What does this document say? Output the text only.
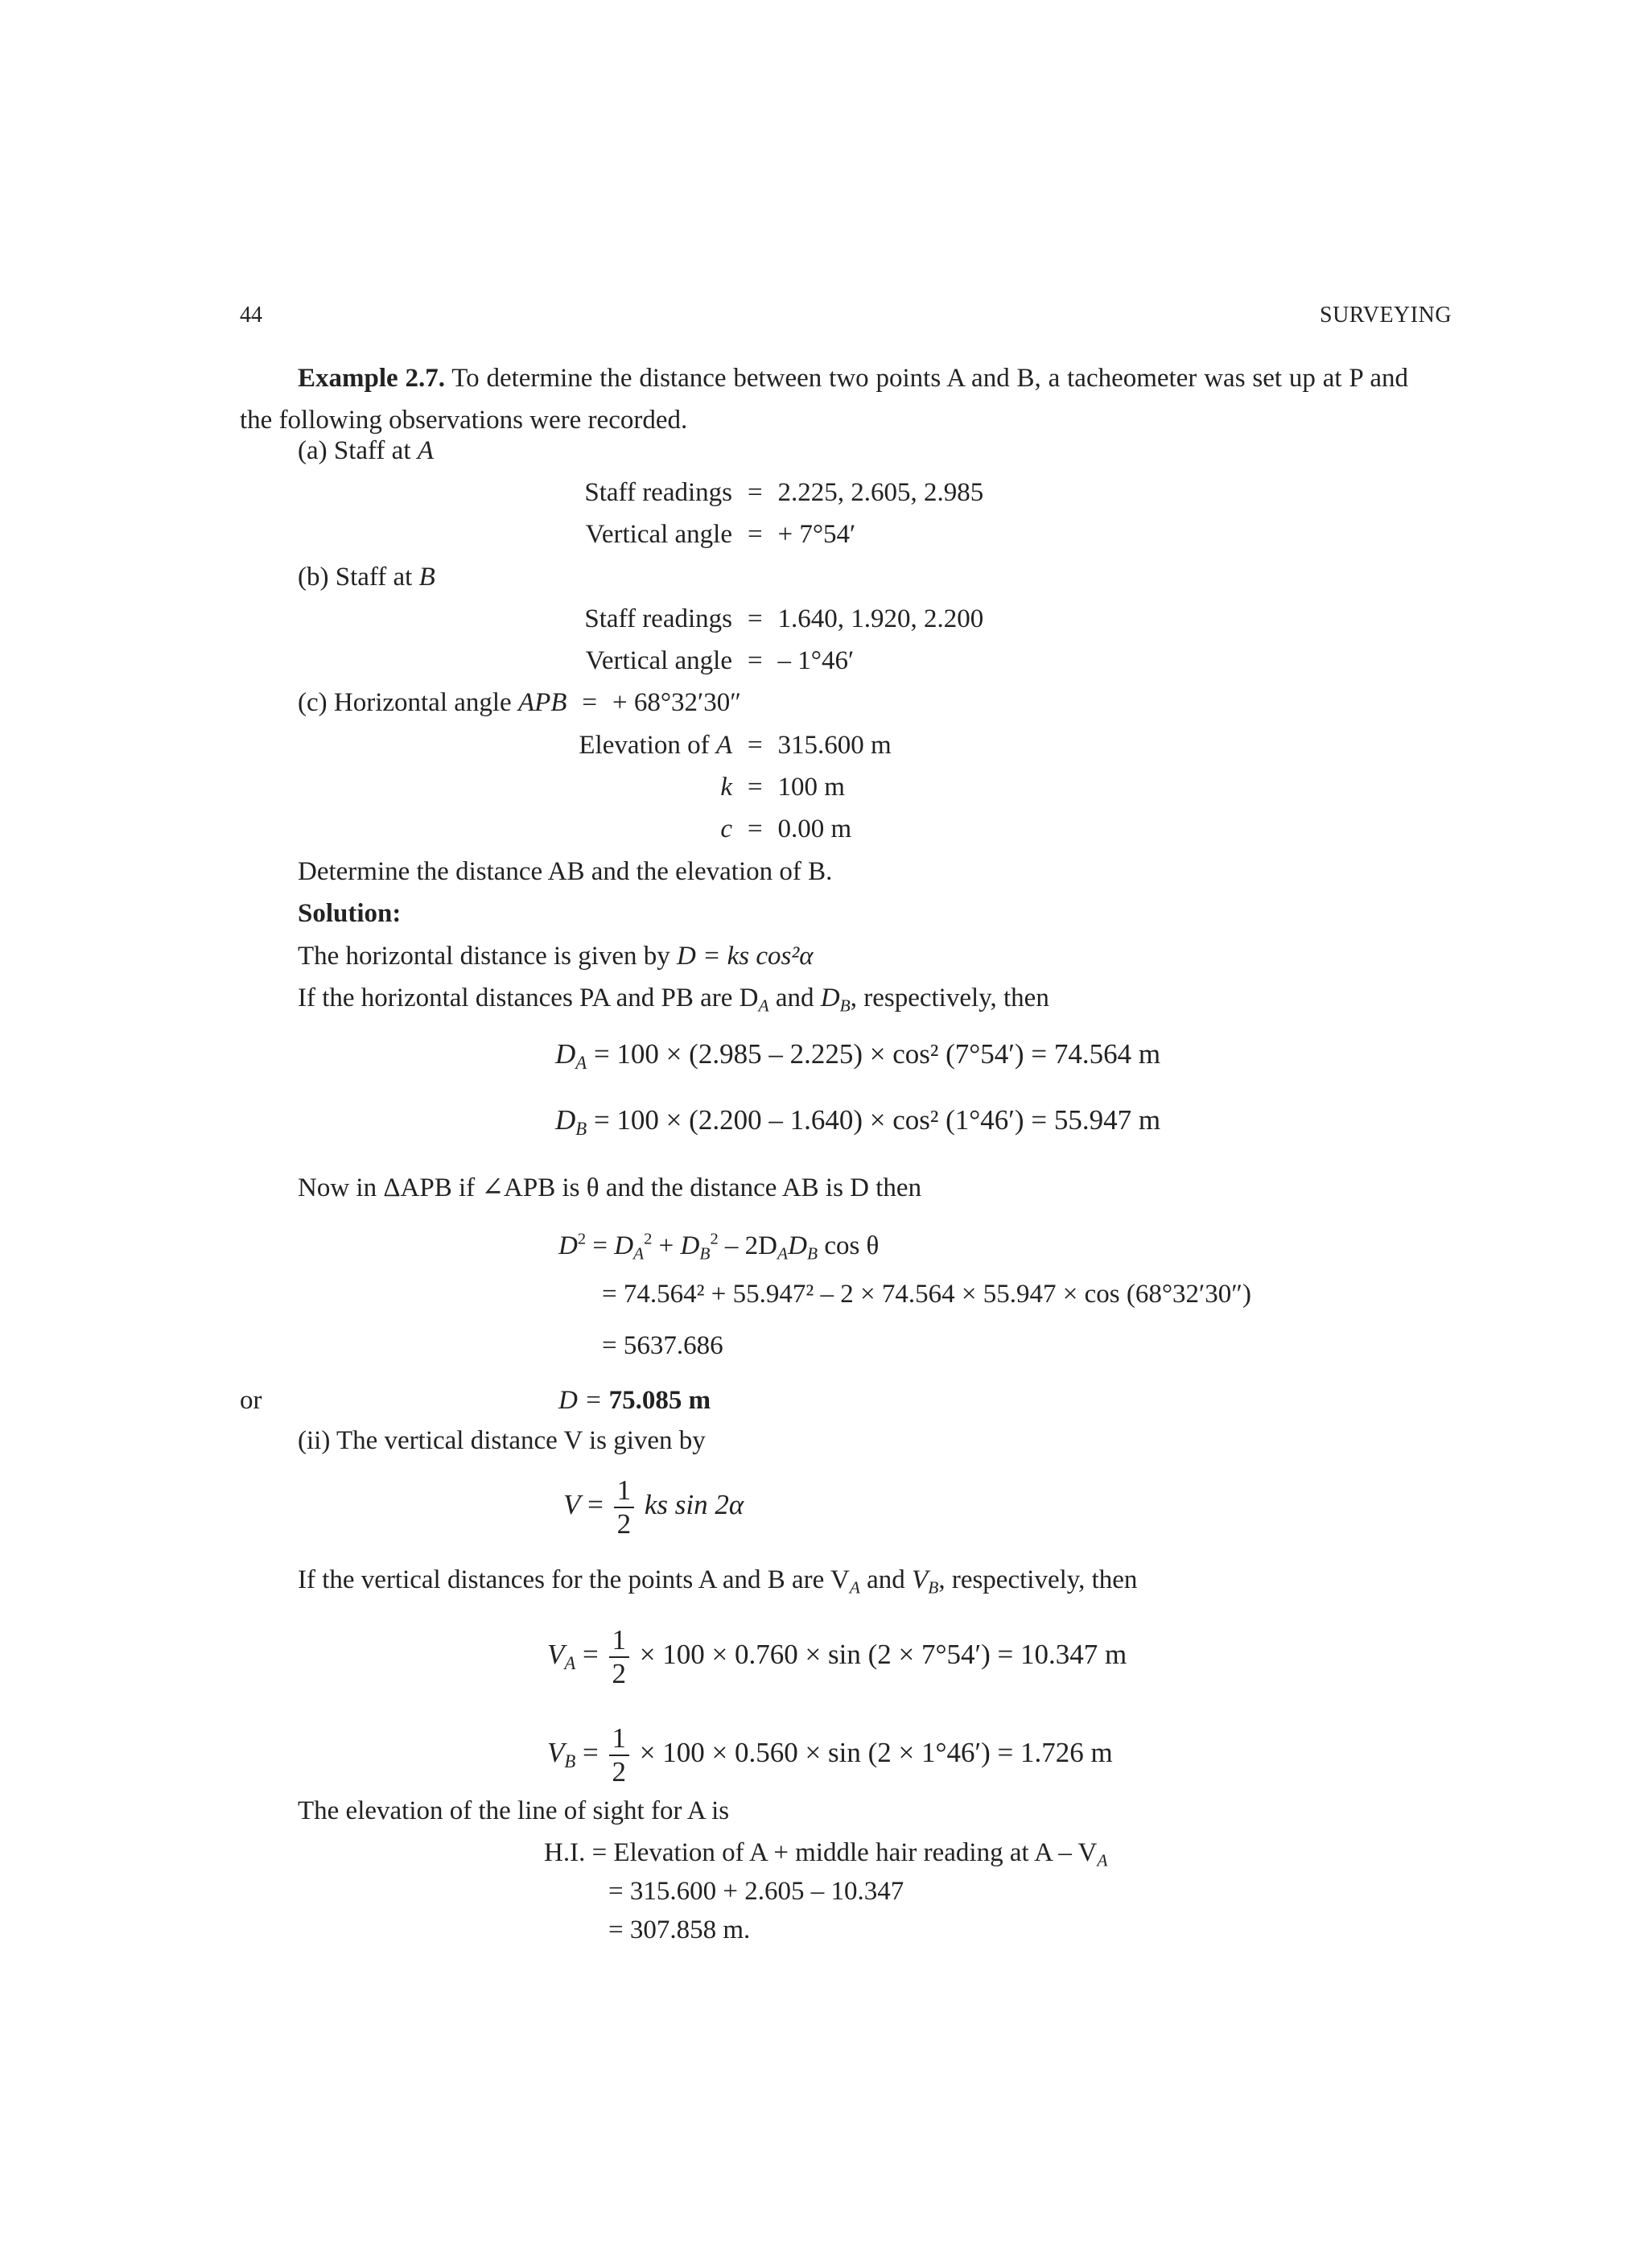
44	SURVEYING
Example 2.7. To determine the distance between two points A and B, a tacheometer was set up at P and the following observations were recorded.
(a) Staff at A
Staff readings = 2.225, 2.605, 2.985
Vertical angle = + 7°54′
(b) Staff at B
Staff readings = 1.640, 1.920, 2.200
Vertical angle = – 1°46′
(c) Horizontal angle APB = + 68°32′30″
Elevation of A = 315.600 m
k = 100 m
c = 0.00 m
Determine the distance AB and the elevation of B.
Solution:
The horizontal distance is given by D = ks cos²α
If the horizontal distances PA and PB are $D_A$ and $D_B$, respectively, then
$D_A = 100 \times (2.985 - 2.225) \times \cos^2$ (7°54′) = 74.564 m
$D_B = 100 \times (2.200 - 1.640) \times \cos^2$ (1°46′) = 55.947 m
Now in ΔAPB if ∠APB is θ and the distance AB is D then
$D^2 = D_A^2 + D_B^2 - 2D_AD_B$ cos θ
= 74.564² + 55.947² – 2 × 74.564 × 55.947 × cos (68°32′30″)
= 5637.686
or	D = 75.085 m
(ii) The vertical distance V is given by
$V = \frac{1}{2}$ ks sin 2α
If the vertical distances for the points A and B are $V_A$ and $V_B$, respectively, then
$V_A = \frac{1}{2} \times 100 \times 0.760 \times \sin (2 \times 7^\circ 54') = 10.347$ m
$V_B = \frac{1}{2} \times 100 \times 0.560 \times \sin (2 \times 1^\circ 46') = 1.726$ m
The elevation of the line of sight for A is
H.I. = Elevation of A + middle hair reading at A – $V_A$
= 315.600 + 2.605 – 10.347
= 307.858 m.
